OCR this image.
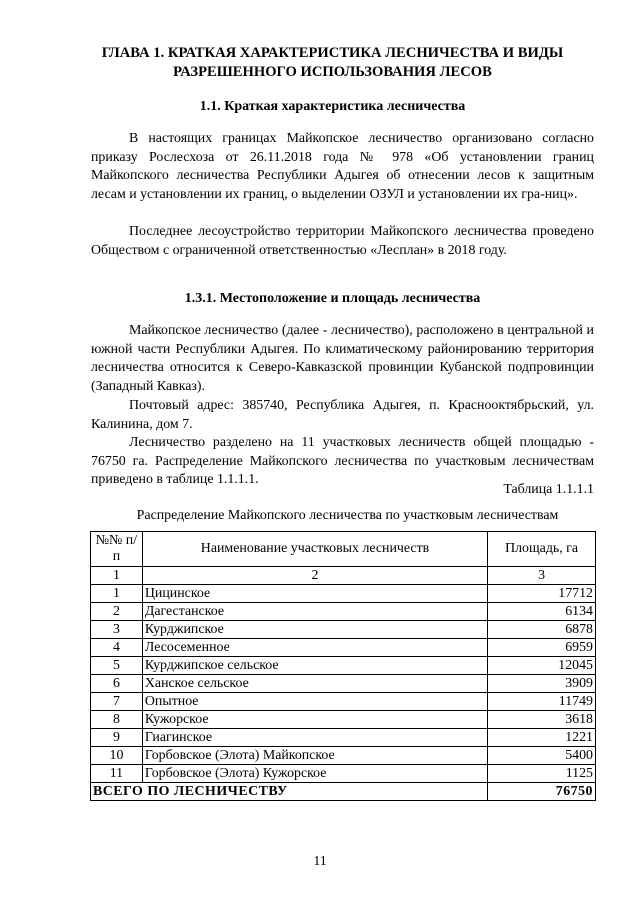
ГЛАВА 1. КРАТКАЯ ХАРАКТЕРИСТИКА ЛЕСНИЧЕСТВА И ВИДЫ РАЗРЕШЕННОГО ИСПОЛЬЗОВАНИЯ ЛЕСОВ
1.1. Краткая характеристика лесничества

В настоящих границах Майкопское лесничество организовано согласно приказу Рослесхоза от 26.11.2018 года № 978 «Об установлении границ Майкопского лесничества Республики Адыгея об отнесении лесов к защитным лесам и установлении их границ, о выделении ОЗУЛ и установлении их гра-ниц».

Последнее лесоустройство территории Майкопского лесничества проведено Обществом с ограниченной ответственностью «Лесплан» в 2018 году.

1.3.1. Местоположение и площадь лесничества

Майкопское лесничество (далее - лесничество), расположено в центральной и южной части Республики Адыгея. По климатическому районированию территория лесничества относится к Северо-Кавказской провинции Кубанской подпровинции (Западный Кавказ).

Почтовый адрес: 385740, Республика Адыгея, п. Краснооктябрьский, ул. Калинина, дом 7.

Лесничество разделено на 11 участковых лесничеств общей площадью - 76750 га. Распределение Майкопского лесничества по участковым лесничествам приведено в таблице 1.1.1.1.

Таблица 1.1.1.1
Распределение Майкопского лесничества по участковым лесничествам
№№ п/п	Наименование участковых лесничеств	Площадь, га
1	2	3
1	Цицинское	17712
2	Дагестанское	6134
3	Курджипское	6878
4	Лесосеменное	6959
5	Курджипское сельское	12045
6	Ханское сельское	3909
7	Опытное	11749
8	Кужорское	3618
9	Гиагинское	1221
10	Горбовское (Элота) Майкопское	5400
11	Горбовское (Элота) Кужорское	1125
ВСЕГО ПО ЛЕСНИЧЕСТВУ		76750
11
